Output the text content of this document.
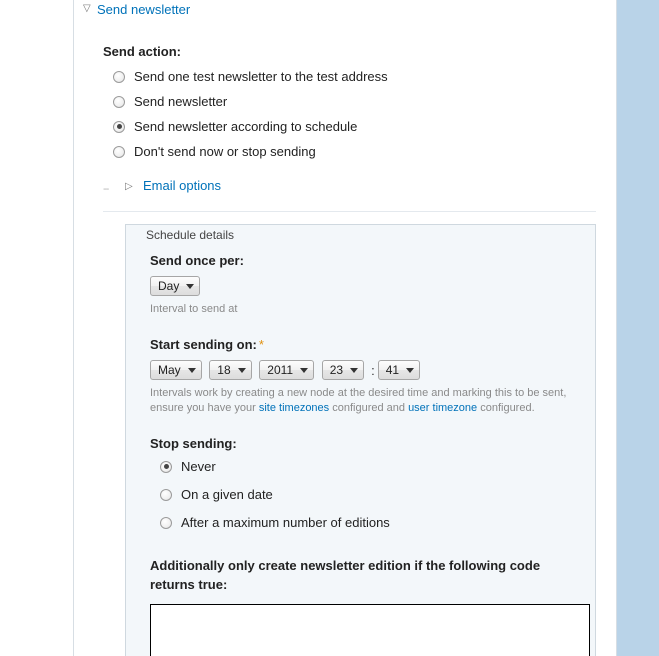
▽ Send newsletter
Send action:
Send one test newsletter to the test address
Send newsletter
Send newsletter according to schedule
Don't send now or stop sending
-- ▷ Email options
Schedule details
Send once per:
Day
Interval to send at
Start sending on: *
May	18	2011	23 : 41
Intervals work by creating a new node at the desired time and marking this to be sent, ensure you have your site timezones configured and user timezone configured.
Stop sending:
Never
On a given date
After a maximum number of editions
Additionally only create newsletter edition if the following code returns true:
